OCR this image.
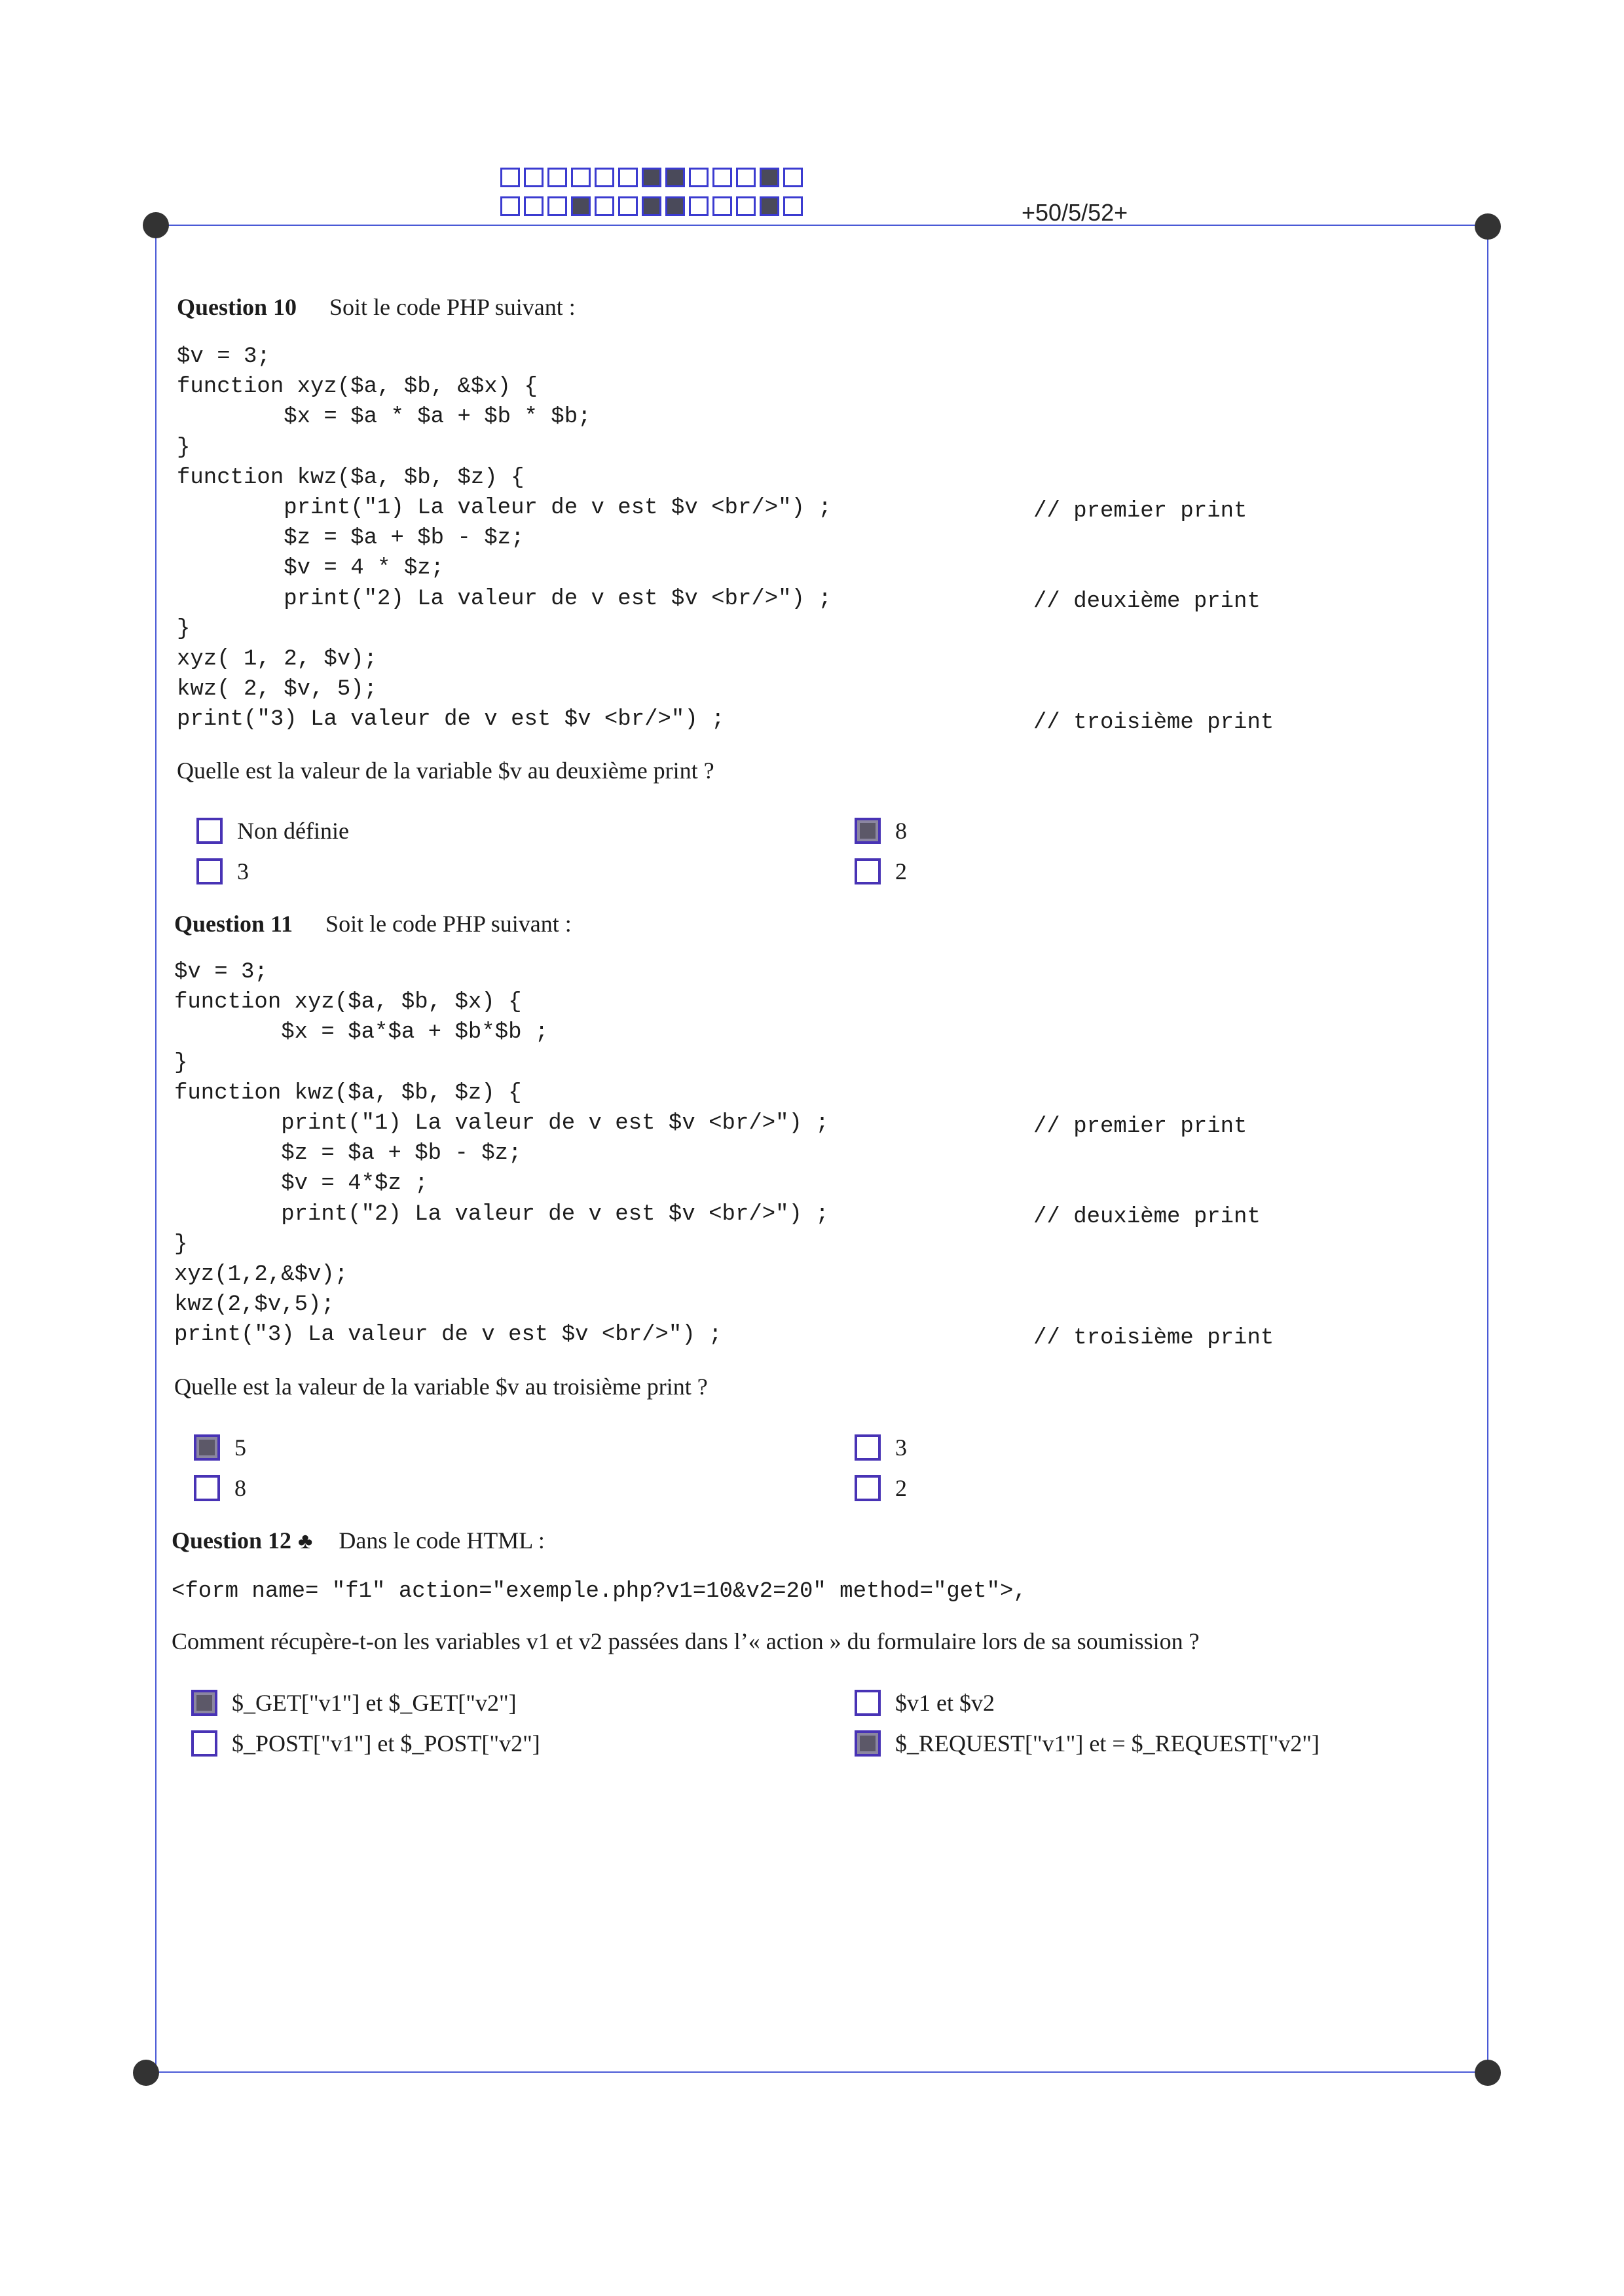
+50/5/52+
Question 10 Soit le code PHP suivant :
$v = 3;
function xyz($a, $b, &$x) {
$x = $a * $a + $b * $b;
}
function kwz($a, $b, $z) {
print("1) La valeur de v est $v <br/>") ;
$z = $a + $b - $z;
$v = 4 * $z;
print("2) La valeur de v est $v <br/>") ;
}
xyz( 1, 2, $v);
kwz( 2, $v, 5);
print("3) La valeur de v est $v <br/>") ;
// premier print
// deuxième print
// troisième print
Quelle est la valeur de la variable $v au deuxième print ?
Non définie	8
3	2
Question 11 Soit le code PHP suivant :
$v = 3;
function xyz($a, $b, $x) {
$x = $a*$a + $b*$b ;
}
function kwz($a, $b, $z) {
print("1) La valeur de v est $v <br/>") ;
$z = $a + $b - $z;
$v = 4*$z ;
print("2) La valeur de v est $v <br/>") ;
}
xyz(1,2,&$v);
kwz(2,$v,5);
print("3) La valeur de v est $v <br/>") ;
// premier print
// deuxième print
// troisième print
Quelle est la valeur de la variable $v au troisième print ?
5	3
8	2
Question 12 ♣ Dans le code HTML :
<form name= "f1" action="exemple.php?v1=10&v2=20" method="get">,
Comment récupère-t-on les variables v1 et v2 passées dans l’« action » du formulaire lors de sa soumission ?
$_GET["v1"] et $_GET["v2"]	$v1 et $v2
$_POST["v1"] et $_POST["v2"]	$_REQUEST["v1"] et = $_REQUEST["v2"]
